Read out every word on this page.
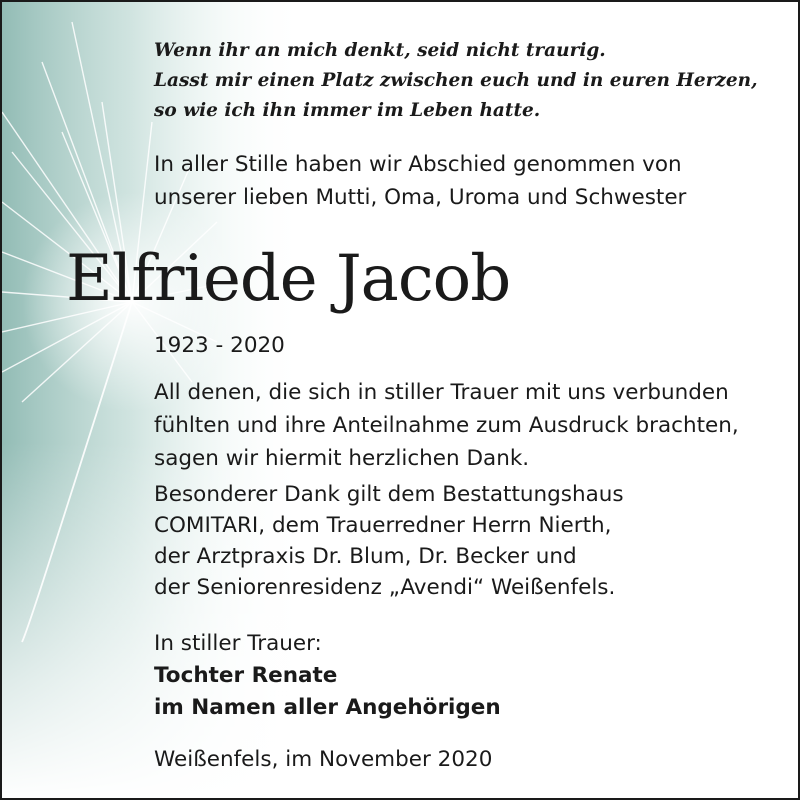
Wenn ihr an mich denkt, seid nicht traurig.
Lasst mir einen Platz zwischen euch und in euren Herzen,
so wie ich ihn immer im Leben hatte.
In aller Stille haben wir Abschied genommen von
unserer lieben Mutti, Oma, Uroma und Schwester
Elfriede Jacob
1923 - 2020
All denen, die sich in stiller Trauer mit uns verbunden
fühlten und ihre Anteilnahme zum Ausdruck brachten,
sagen wir hiermit herzlichen Dank.
Besonderer Dank gilt dem Bestattungshaus
COMITARI, dem Trauerredner Herrn Nierth,
der Arztpraxis Dr. Blum, Dr. Becker und
der Seniorenresidenz „Avendi“ Weißenfels.
In stiller Trauer:
Tochter Renate
im Namen aller Angehörigen
Weißenfels, im November 2020
